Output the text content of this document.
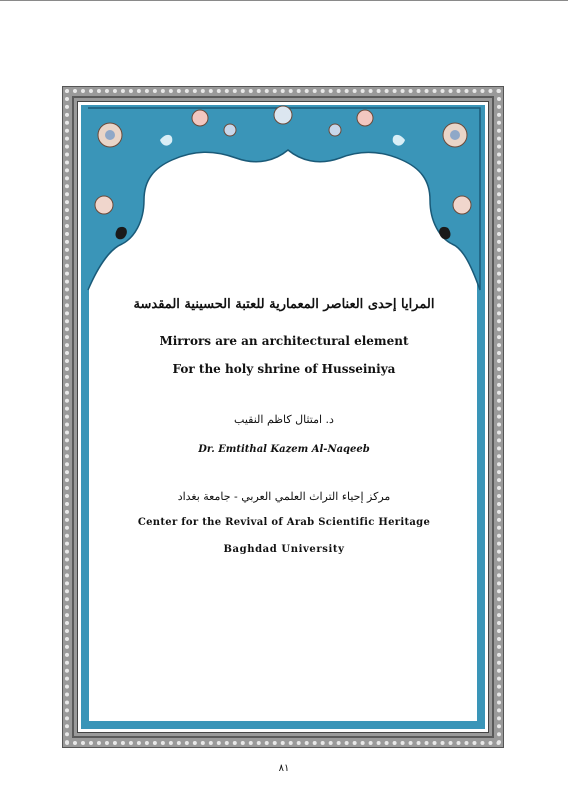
المرايا إحدى العناصر المعمارية للعتبة الحسينية المقدسة
Mirrors are an architectural element
For the holy shrine of Husseiniya
د. امتثال كاظم النقيب
Dr. Emtithal Kazem Al-Naqeeb
مركز إحياء التراث العلمي العربي - جامعة بغداد
Center for the Revival of Arab Scientific Heritage
Baghdad University
٨١
